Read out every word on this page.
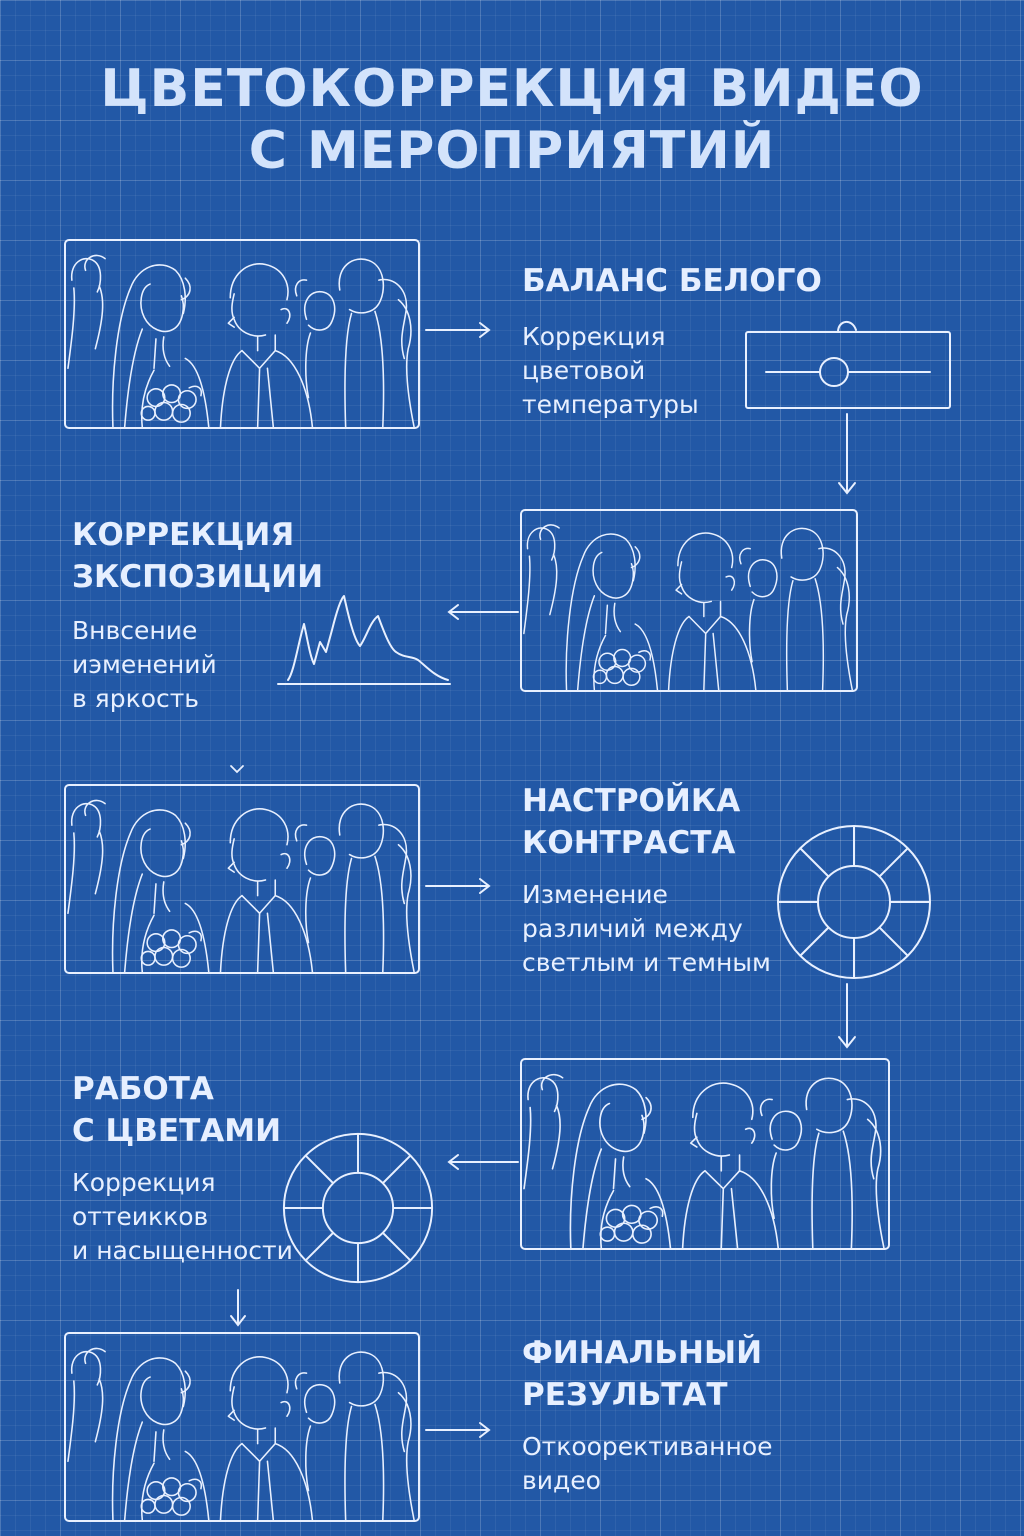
ЦВЕТОКОРРЕКЦИЯ ВИДЕО
С МЕРОПРИЯТИЙ
БАЛАНС БЕЛОГО

Коррекция
цветовой
температуры

КОРРЕКЦИЯ
ЗКСПОЗИЦИИ

Внвсение
иэменений
в яркость

НАСТРОЙКА
КОНТРАСТА

Изменение
различий между
светлым и темным

РАБОТА
С ЦВЕТАМИ

Коррекция
оттеикков
и насыщенности

ФИНАЛЬНЫЙ
РЕЗУЛЬТАТ

Откоорективанное
видео
